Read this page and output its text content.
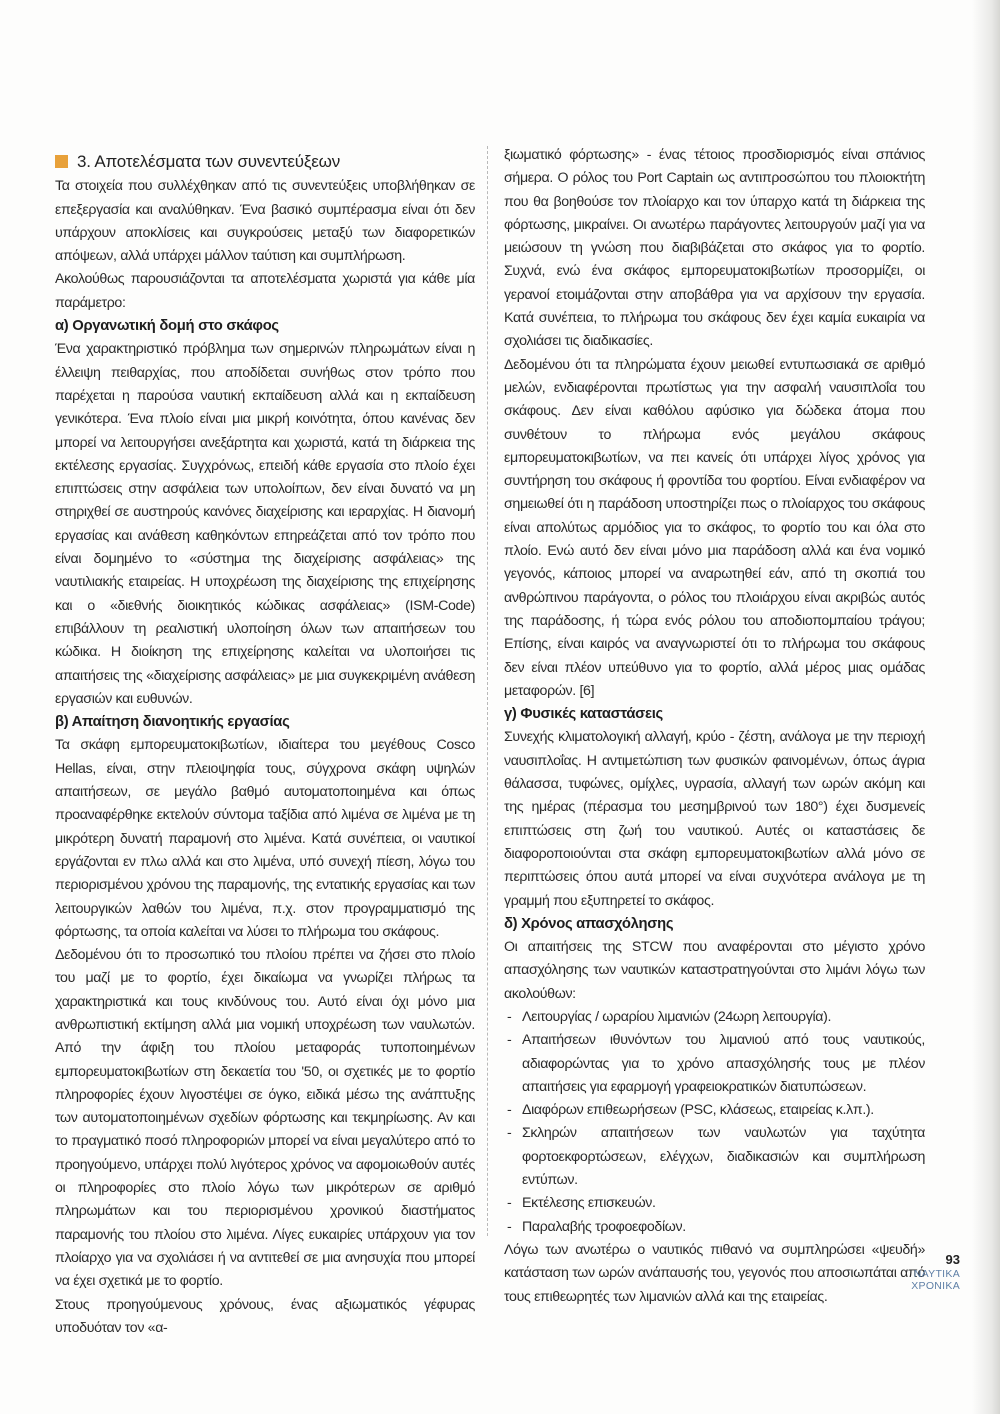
3. Αποτελέσματα των συνεντεύξεων

Τα στοιχεία που συλλέχθηκαν από τις συνεντεύξεις υποβλήθηκαν σε επεξεργασία και αναλύθηκαν. Ένα βασικό συμπέρασμα είναι ότι δεν υπάρχουν αποκλίσεις και συγκρούσεις μεταξύ των διαφορετικών απόψεων, αλλά υπάρχει μάλλον ταύτιση και συμπλήρωση.

Ακολούθως παρουσιάζονται τα αποτελέσματα χωριστά για κάθε μία παράμετρο:

α) Οργανωτική δομή στο σκάφος

Ένα χαρακτηριστικό πρόβλημα των σημερινών πληρωμάτων είναι η έλλειψη πειθαρχίας, που αποδίδεται συνήθως στον τρόπο που παρέχεται η παρούσα ναυτική εκπαίδευση αλλά και η εκπαίδευση γενικότερα. Ένα πλοίο είναι μια μικρή κοινότητα, όπου κανένας δεν μπορεί να λειτουργήσει ανεξάρτητα και χωριστά, κατά τη διάρκεια της εκτέλεσης εργασίας. Συγχρόνως, επειδή κάθε εργασία στο πλοίο έχει επιπτώσεις στην ασφάλεια των υπολοίπων, δεν είναι δυνατό να μη στηριχθεί σε αυστηρούς κανόνες διαχείρισης και ιεραρχίας. Η διανομή εργασίας και ανάθεση καθηκόντων επηρεάζεται από τον τρόπο που είναι δομημένο το «σύστημα της διαχείρισης ασφάλειας» της ναυτιλιακής εταιρείας. Η υποχρέωση της διαχείρισης της επιχείρησης και ο «διεθνής διοικητικός κώδικας ασφάλειας» (ISM-Code) επιβάλλουν τη ρεαλιστική υλοποίηση όλων των απαιτήσεων του κώδικα. Η διοίκηση της επιχείρησης καλείται να υλοποιήσει τις απαιτήσεις της «διαχείρισης ασφάλειας» με μια συγκεκριμένη ανάθεση εργασιών και ευθυνών.

β) Απαίτηση διανοητικής εργασίας

Τα σκάφη εμπορευματοκιβωτίων, ιδιαίτερα του μεγέθους Cosco Hellas, είναι, στην πλειοψηφία τους, σύγχρονα σκάφη υψηλών απαιτήσεων, σε μεγάλο βαθμό αυτοματοποιημένα και όπως προαναφέρθηκε εκτελούν σύντομα ταξίδια από λιμένα σε λιμένα με τη μικρότερη δυνατή παραμονή στο λιμένα. Κατά συνέπεια, οι ναυτικοί εργάζονται εν πλω αλλά και στο λιμένα, υπό συνεχή πίεση, λόγω του περιορισμένου χρόνου της παραμονής, της εντατικής εργασίας και των λειτουργικών λαθών του λιμένα, π.χ. στον προγραμματισμό της φόρτωσης, τα οποία καλείται να λύσει το πλήρωμα του σκάφους.

Δεδομένου ότι το προσωπικό του πλοίου πρέπει να ζήσει στο πλοίο του μαζί με το φορτίο, έχει δικαίωμα να γνωρίζει πλήρως τα χαρακτηριστικά και τους κινδύνους του. Αυτό είναι όχι μόνο μια ανθρωπιστική εκτίμηση αλλά μια νομική υποχρέωση των ναυλωτών. Από την άφιξη του πλοίου μεταφοράς τυποποιημένων εμπορευματοκιβωτίων στη δεκαετία του '50, οι σχετικές με το φορτίο πληροφορίες έχουν λιγοστέψει σε όγκο, ειδικά μέσω της ανάπτυξης των αυτοματοποιημένων σχεδίων φόρτωσης και τεκμηρίωσης. Αν και το πραγματικό ποσό πληροφοριών μπορεί να είναι μεγαλύτερο από το προηγούμενο, υπάρχει πολύ λιγότερος χρόνος να αφομοιωθούν αυτές οι πληροφορίες στο πλοίο λόγω των μικρότερων σε αριθμό πληρωμάτων και του περιορισμένου χρονικού διαστήματος παραμονής του πλοίου στο λιμένα. Λίγες ευκαιρίες υπάρχουν για τον πλοίαρχο για να σχολιάσει ή να αντιτεθεί σε μια ανησυχία που μπορεί να έχει σχετικά με το φορτίο.

Στους προηγούμενους χρόνους, ένας αξιωματικός γέφυρας υποδυόταν τον «α-

ξιωματικό φόρτωσης» - ένας τέτοιος προσδιορισμός είναι σπάνιος σήμερα. Ο ρόλος του Port Captain ως αντιπροσώπου του πλοιοκτήτη που θα βοηθούσε τον πλοίαρχο και τον ύπαρχο κατά τη διάρκεια της φόρτωσης, μικραίνει. Οι ανωτέρω παράγοντες λειτουργούν μαζί για να μειώσουν τη γνώση που διαβιβάζεται στο σκάφος για το φορτίο. Συχνά, ενώ ένα σκάφος εμπορευματοκιβωτίων προσορμίζει, οι γερανοί ετοιμάζονται στην αποβάθρα για να αρχίσουν την εργασία. Κατά συνέπεια, το πλήρωμα του σκάφους δεν έχει καμία ευκαιρία να σχολιάσει τις διαδικασίες.

Δεδομένου ότι τα πληρώματα έχουν μειωθεί εντυπωσιακά σε αριθμό μελών, ενδιαφέρονται πρωτίστως για την ασφαλή ναυσιπλοΐα του σκάφους. Δεν είναι καθόλου αφύσικο για δώδεκα άτομα που συνθέτουν το πλήρωμα ενός μεγάλου σκάφους εμπορευματοκιβωτίων, να πει κανείς ότι υπάρχει λίγος χρόνος για συντήρηση του σκάφους ή φροντίδα του φορτίου. Είναι ενδιαφέρον να σημειωθεί ότι η παράδοση υποστηρίζει πως ο πλοίαρχος του σκάφους είναι απολύτως αρμόδιος για το σκάφος, το φορτίο του και όλα στο πλοίο. Ενώ αυτό δεν είναι μόνο μια παράδοση αλλά και ένα νομικό γεγονός, κάποιος μπορεί να αναρωτηθεί εάν, από τη σκοπιά του ανθρώπινου παράγοντα, ο ρόλος του πλοιάρχου είναι ακριβώς αυτός της παράδοσης, ή τώρα ενός ρόλου του αποδιοπομπαίου τράγου; Επίσης, είναι καιρός να αναγνωριστεί ότι το πλήρωμα του σκάφους δεν είναι πλέον υπεύθυνο για το φορτίο, αλλά μέρος μιας ομάδας μεταφορών. [6]

γ) Φυσικές καταστάσεις

Συνεχής κλιματολογική αλλαγή, κρύο - ζέστη, ανάλογα με την περιοχή ναυσιπλοΐας. Η αντιμετώπιση των φυσικών φαινομένων, όπως άγρια θάλασσα, τυφώνες, ομίχλες, υγρασία, αλλαγή των ωρών ακόμη και της ημέρας (πέρασμα του μεσημβρινού των 180°) έχει δυσμενείς επιπτώσεις στη ζωή του ναυτικού. Αυτές οι καταστάσεις δε διαφοροποιούνται στα σκάφη εμπορευματοκιβωτίων αλλά μόνο σε περιπτώσεις όπου αυτά μπορεί να είναι συχνότερα ανάλογα με τη γραμμή που εξυπηρετεί το σκάφος.

δ) Χρόνος απασχόλησης

Οι απαιτήσεις της STCW που αναφέρονται στο μέγιστο χρόνο απασχόλησης των ναυτικών καταστρατηγούνται στο λιμάνι λόγω των ακολούθων:

- Λειτουργίας / ωραρίου λιμανιών (24ωρη λειτουργία).
- Απαιτήσεων ιθυνόντων του λιμανιού από τους ναυτικούς, αδιαφορώντας για το χρόνο απασχόλησής τους με πλέον απαιτήσεις για εφαρμογή γραφειοκρατικών διατυπώσεων.
- Διαφόρων επιθεωρήσεων (PSC, κλάσεως, εταιρείας κ.λπ.).
- Σκληρών απαιτήσεων των ναυλωτών για ταχύτητα φορτοεκφορτώσεων, ελέγχων, διαδικασιών και συμπλήρωση εντύπων.
- Εκτέλεσης επισκευών.
- Παραλαβής τροφοεφοδίων.

Λόγω των ανωτέρω ο ναυτικός πιθανό να συμπληρώσει «ψευδή» κατάσταση των ωρών ανάπαυσής του, γεγονός που αποσιωπάται από τους επιθεωρητές των λιμανιών αλλά και της εταιρείας.

93
ΝΑΥΤΙΚΑ
ΧΡΟΝΙΚΑ
